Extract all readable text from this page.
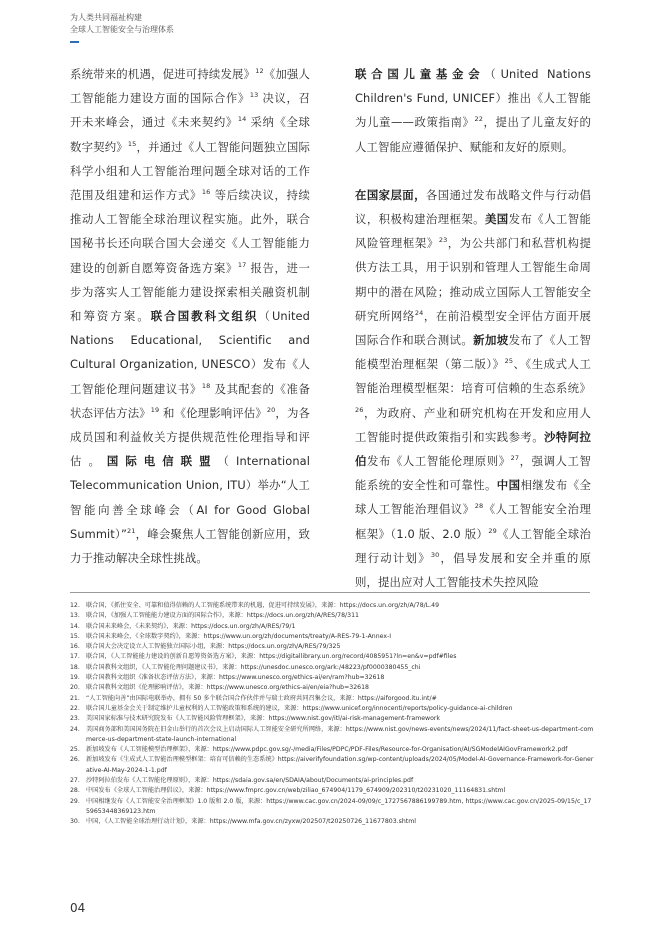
为人类共同福祉构建
全球人工智能安全与治理体系

系统带来的机遇，促进可持续发展》$^{12}$《加强人工智能能力建设方面的国际合作》$^{13}$ 决议，召开未来峰会，通过《未来契约》$^{14}$ 采纳《全球数字契约》$^{15}$，并通过《人工智能问题独立国际科学小组和人工智能治理问题全球对话的工作范围及组建和运作方式》$^{16}$ 等后续决议，持续推动人工智能全球治理议程实施。此外，联合国秘书长还向联合国大会递交《人工智能能力建设的创新自愿筹资备选方案》$^{17}$ 报告，进一步为落实人工智能能力建设探索相关融资机制和筹资方案。联合国教科文组织（United Nations Educational, Scientific and Cultural Organization, UNESCO）发布《人工智能伦理问题建议书》$^{18}$ 及其配套的《准备状态评估方法》$^{19}$ 和《伦理影响评估》$^{20}$，为各成员国和利益攸关方提供规范性伦理指导和评估。国际电信联盟（International Telecommunication Union, ITU）举办“人工智能向善全球峰会（AI for Good Global Summit）”$^{21}$，峰会聚焦人工智能创新应用，致力于推动解决全球性挑战。

联合国儿童基金会（United Nations Children's Fund, UNICEF）推出《人工智能为儿童——政策指南》$^{22}$，提出了儿童友好的人工智能应遵循保护、赋能和友好的原则。

在国家层面，各国通过发布战略文件与行动倡议，积极构建治理框架。美国发布《人工智能风险管理框架》$^{23}$，为公共部门和私营机构提供方法工具，用于识别和管理人工智能生命周期中的潜在风险；推动成立国际人工智能安全研究所网络$^{24}$，在前沿模型安全评估方面开展国际合作和联合测试。新加坡发布了《人工智能模型治理框架（第二版）》$^{25}$、《生成式人工智能治理模型框架：培育可信赖的生态系统》$^{26}$，为政府、产业和研究机构在开发和应用人工智能时提供政策指引和实践参考。沙特阿拉伯发布《人工智能伦理原则》$^{27}$，强调人工智能系统的安全性和可靠性。中国相继发布《全球人工智能治理倡议》$^{28}$《人工智能安全治理框架》（1.0 版、2.0 版）$^{29}$《人工智能全球治理行动计划》$^{30}$，倡导发展和安全并重的原则，提出应对人工智能技术失控风险

12. 联合国，《抓住安全、可靠和值得信赖的人工智能系统带来的机遇，促进可持续发展》，来源：https://docs.un.org/zh/A/78/L.49
13. 联合国，《加强人工智能能力建设方面的国际合作》，来源：https://docs.un.org/zh/A/RES/78/311
14. 联合国未来峰会，《未来契约》，来源：https://docs.un.org/zh/A/RES/79/1
15. 联合国未来峰会，《全球数字契约》，来源：https://www.un.org/zh/documents/treaty/A-RES-79-1-Annex-I
16. 联合国大会决定设立人工智能独立国际小组，来源：https://docs.un.org/zh/A/RES/79/325
17. 联合国，《人工智能能力建设的创新自愿筹资备选方案》，来源：https://digitallibrary.un.org/record/4085951?ln=en&v=pdf#files
18. 联合国教科文组织，《人工智能伦理问题建议书》，来源：https://unesdoc.unesco.org/ark:/48223/pf0000380455_chi
19. 联合国教科文组织《准备状态评估方法》，来源：https://www.unesco.org/ethics-ai/en/ram?hub=32618
20. 联合国教科文组织《伦理影响评估》，来源：https://www.unesco.org/ethics-ai/en/eia?hub=32618
21. “人工智能向善”由国际电联举办，拥有 50 多个联合国合作伙伴并与瑞士政府共同召集会议，来源：https://aiforgood.itu.int/#
22. 联合国儿童基金会关于制定维护儿童权利的人工智能政策和系统的建议，来源：https://www.unicef.org/innocenti/reports/policy-guidance-ai-children
23. 美国国家标准与技术研究院发布《人工智能风险管理框架》，来源：https://www.nist.gov/itl/ai-risk-management-framework
24. 美国商务部和美国国务院在旧金山举行的首次会议上启动国际人工智能安全研究所网络，来源：https://www.nist.gov/news-events/news/2024/11/fact-sheet-us-department-commerce-us-department-state-launch-international
25. 新加坡发布《人工智能模型治理框架》，来源：https://www.pdpc.gov.sg/-/media/Files/PDPC/PDF-Files/Resource-for-Organisation/AI/SGModelAIGovFramework2.pdf
26. 新加坡发布《生成式人工智能治理模型框架：培育可信赖的生态系统》https://aiverifyfoundation.sg/wp-content/uploads/2024/05/Model-AI-Governance-Framework-for-Generative-AI-May-2024-1-1.pdf
27. 沙特阿拉伯发布《人工智能伦理原则》，来源：https://sdaia.gov.sa/en/SDAIA/about/Documents/ai-principles.pdf
28. 中国发布《全球人工智能治理倡议》，来源：https://www.fmprc.gov.cn/web/ziliao_674904/1179_674909/202310/t20231020_11164831.shtml
29. 中国相继发布《人工智能安全治理框架》1.0 版和 2.0 版，来源：https://www.cac.gov.cn/2024-09/09/c_1727567886199789.htm, https://www.cac.gov.cn/2025-09/15/c_1759653448369123.htm
30. 中国，《人工智能全球治理行动计划》，来源：https://www.mfa.gov.cn/zyxw/202507/t20250726_11677803.shtml
04
